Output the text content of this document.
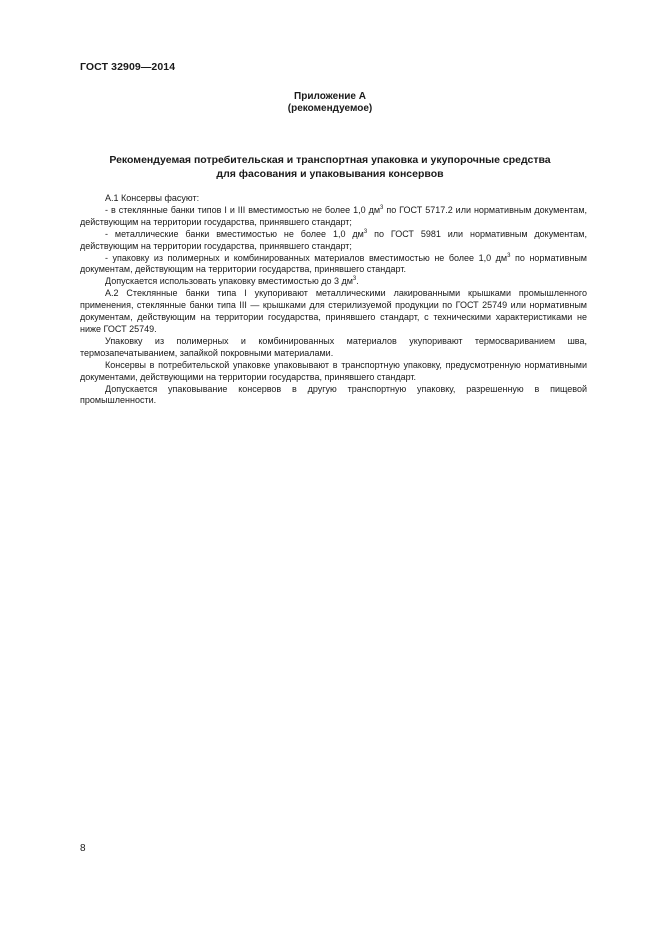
ГОСТ 32909—2014
Приложение А
(рекомендуемое)
Рекомендуемая потребительская и транспортная упаковка и укупорочные средства
для фасования и упаковывания консервов

А.1 Консервы фасуют:

- в стеклянные банки типов I и III вместимостью не более 1,0 $дм^3$ по ГОСТ 5717.2 или нормативным документам, действующим на территории государства, принявшего стандарт;

- металлические банки вместимостью не более 1,0 $дм^3$ по ГОСТ 5981 или нормативным документам, действующим на территории государства, принявшего стандарт;

- упаковку из полимерных и комбинированных материалов вместимостью не более 1,0 $дм^3$ по нормативным документам, действующим на территории государства, принявшего стандарт.

Допускается использовать упаковку вместимостью до 3 $дм^3$.

А.2 Стеклянные банки типа I укупоривают металлическими лакированными крышками промышленного применения, стеклянные банки типа III — крышками для стерилизуемой продукции по ГОСТ 25749 или нормативным документам, действующим на территории государства, принявшего стандарт, с техническими характеристиками не ниже ГОСТ 25749.

Упаковку из полимерных и комбинированных материалов укупоривают термосвариванием шва, термозапечатыванием, запайкой покровными материалами.

Консервы в потребительской упаковке упаковывают в транспортную упаковку, предусмотренную нормативными документами, действующими на территории государства, принявшего стандарт.

Допускается упаковывание консервов в другую транспортную упаковку, разрешенную в пищевой промышленности.

8
